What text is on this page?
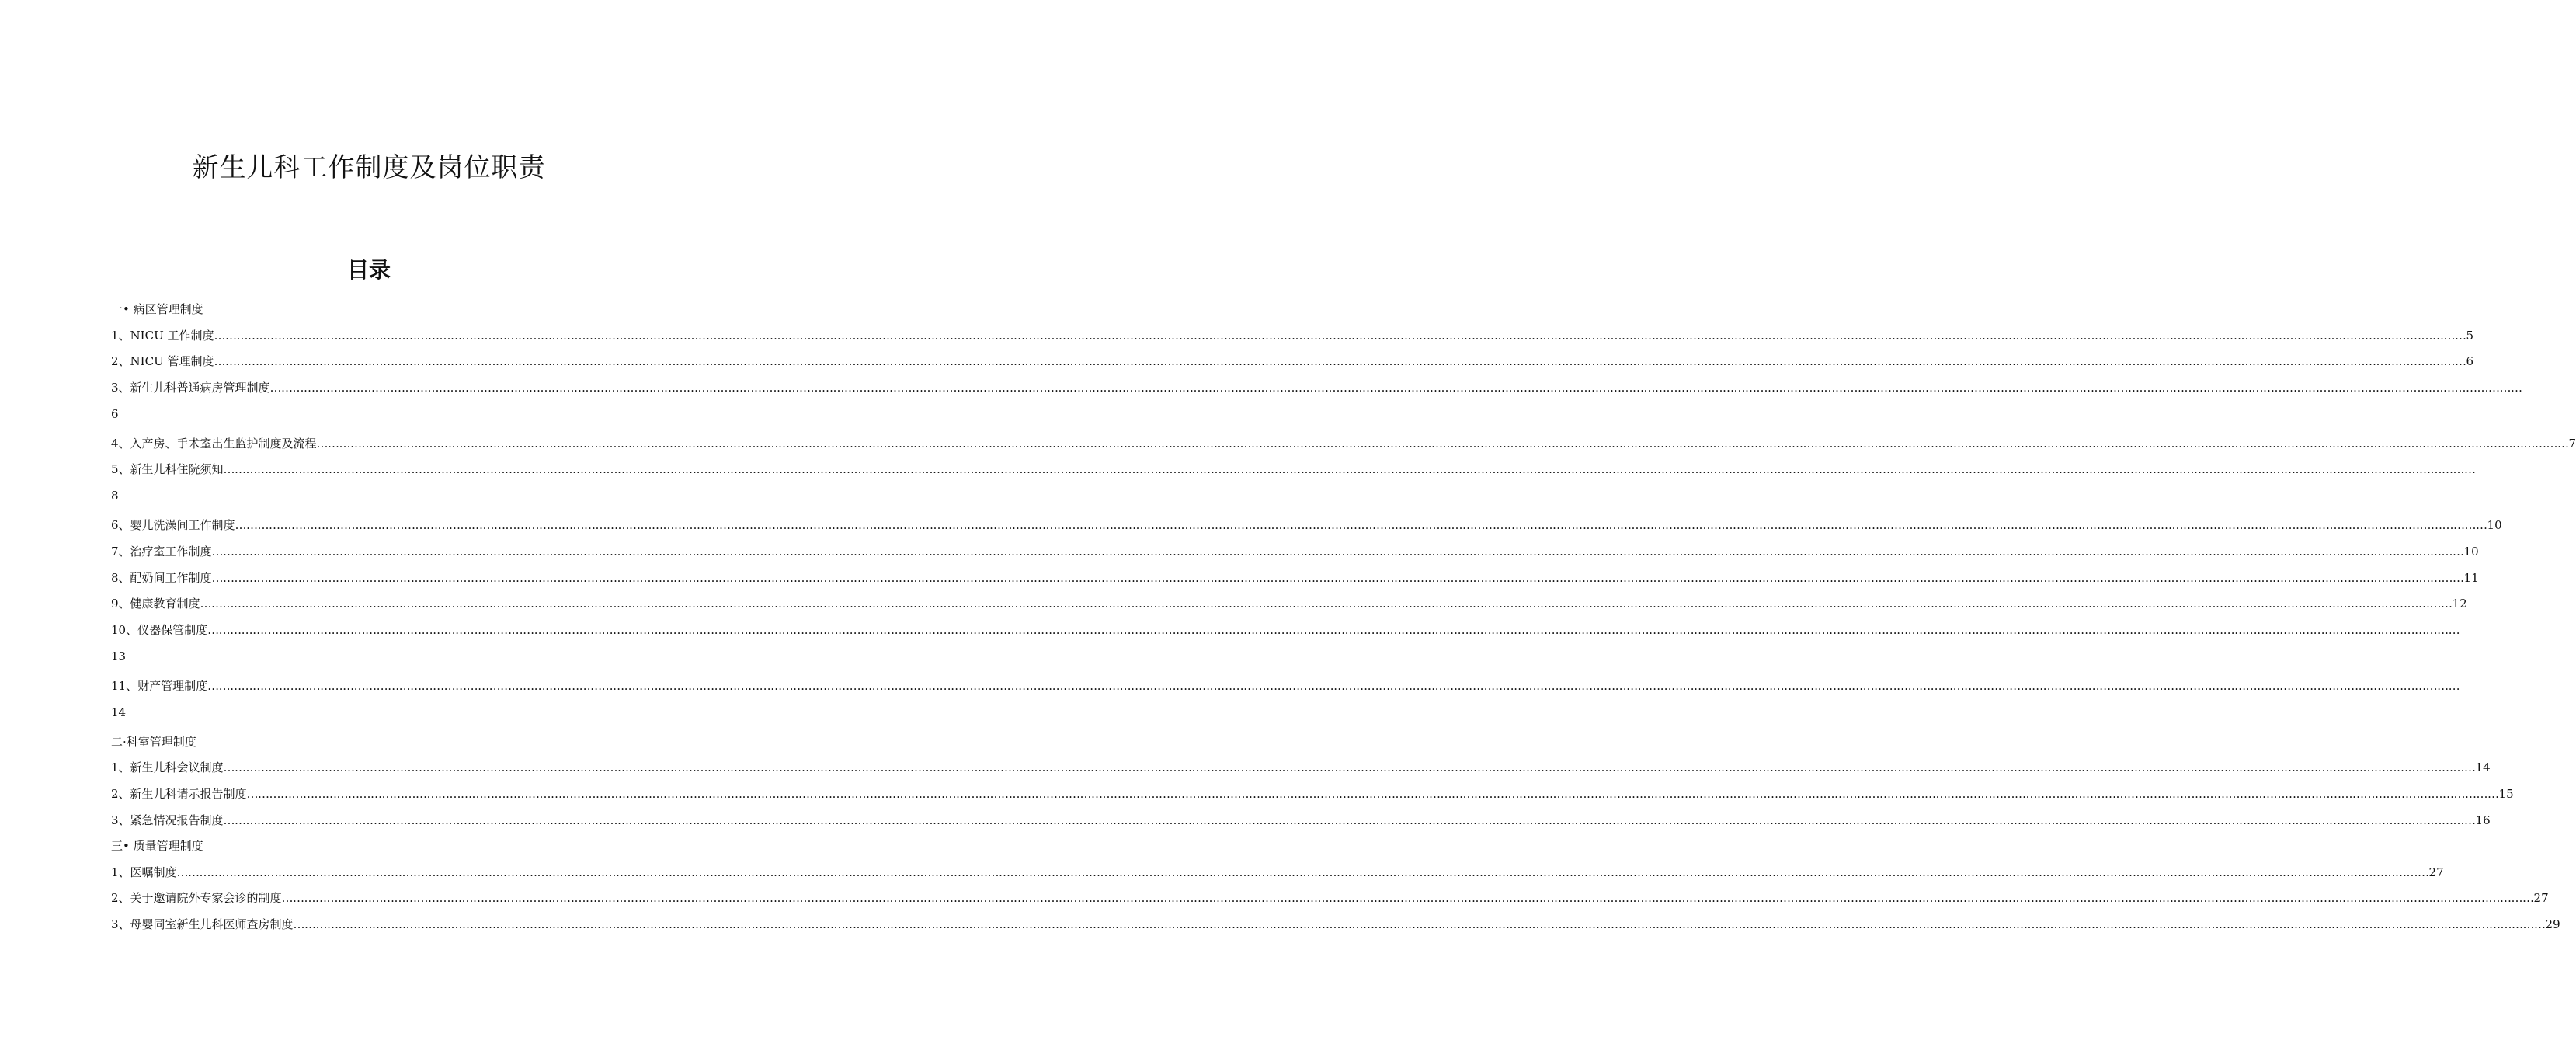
新生儿科工作制度及岗位职责
目录
一• 病区管理制度
1、NICU 工作制度 …………………………………………………………………………………………………………………………………………………………………………………………………………………………………………………………………………………………………………………………………………………………………………………………………………………………………………………………………………………………………………………………………………………… 5
2、NICU 管理制度 …………………………………………………………………………………………………………………………………………………………………………………………………………………………………………………………………………………………………………………………………………………………………………………………………………………………………………………………………………………………………………………………………………………… 6
3、新生儿科普通病房管理制度 ……………………………………………………………………………………………………………………………………………………………………………………………………………………………………………………………………………………………………………………………………………………………………………………………………………………………………………………………………………………………………………………………………………………
6
4、入产房、手术室出生监护制度及流程 …………………………………………………………………………………………………………………………………………………………………………………………………………………………………………………………………………………………………………………………………………………………………………………………………………………………………………………………………………………………………………………………………………………… 7
5、新生儿科住院须知 ……………………………………………………………………………………………………………………………………………………………………………………………………………………………………………………………………………………………………………………………………………………………………………………………………………………………………………………………………………………………………………………………………………………
8
6、婴儿洗澡间工作制度 …………………………………………………………………………………………………………………………………………………………………………………………………………………………………………………………………………………………………………………………………………………………………………………………………………………………………………………………………………………………………………………………………………………… 10
7、治疗室工作制度 …………………………………………………………………………………………………………………………………………………………………………………………………………………………………………………………………………………………………………………………………………………………………………………………………………………………………………………………………………………………………………………………………………………… 10
8、配奶间工作制度 …………………………………………………………………………………………………………………………………………………………………………………………………………………………………………………………………………………………………………………………………………………………………………………………………………………………………………………………………………………………………………………………………………………… 11
9、健康教育制度 …………………………………………………………………………………………………………………………………………………………………………………………………………………………………………………………………………………………………………………………………………………………………………………………………………………………………………………………………………………………………………………………………………………… 12
10、仪器保管制度 ……………………………………………………………………………………………………………………………………………………………………………………………………………………………………………………………………………………………………………………………………………………………………………………………………………………………………………………………………………………………………………………………………………………
13
11、财产管理制度 ……………………………………………………………………………………………………………………………………………………………………………………………………………………………………………………………………………………………………………………………………………………………………………………………………………………………………………………………………………………………………………………………………………………
14
二·科室管理制度
1、新生儿科会议制度 …………………………………………………………………………………………………………………………………………………………………………………………………………………………………………………………………………………………………………………………………………………………………………………………………………………………………………………………………………………………………………………………………………………… 14
2、新生儿科请示报告制度 …………………………………………………………………………………………………………………………………………………………………………………………………………………………………………………………………………………………………………………………………………………………………………………………………………………………………………………………………………………………………………………………………………………… 15
3、紧急情况报告制度 …………………………………………………………………………………………………………………………………………………………………………………………………………………………………………………………………………………………………………………………………………………………………………………………………………………………………………………………………………………………………………………………………………………… 16
三• 质量管理制度
1、医嘱制度 …………………………………………………………………………………………………………………………………………………………………………………………………………………………………………………………………………………………………………………………………………………………………………………………………………………………………………………………………………………………………………………………………………………… 27
2、关于邀请院外专家会诊的制度 …………………………………………………………………………………………………………………………………………………………………………………………………………………………………………………………………………………………………………………………………………………………………………………………………………………………………………………………………………………………………………………………………………………… 27
3、母婴同室新生儿科医师查房制度 …………………………………………………………………………………………………………………………………………………………………………………………………………………………………………………………………………………………………………………………………………………………………………………………………………………………………………………………………………………………………………………………………………………… 29
